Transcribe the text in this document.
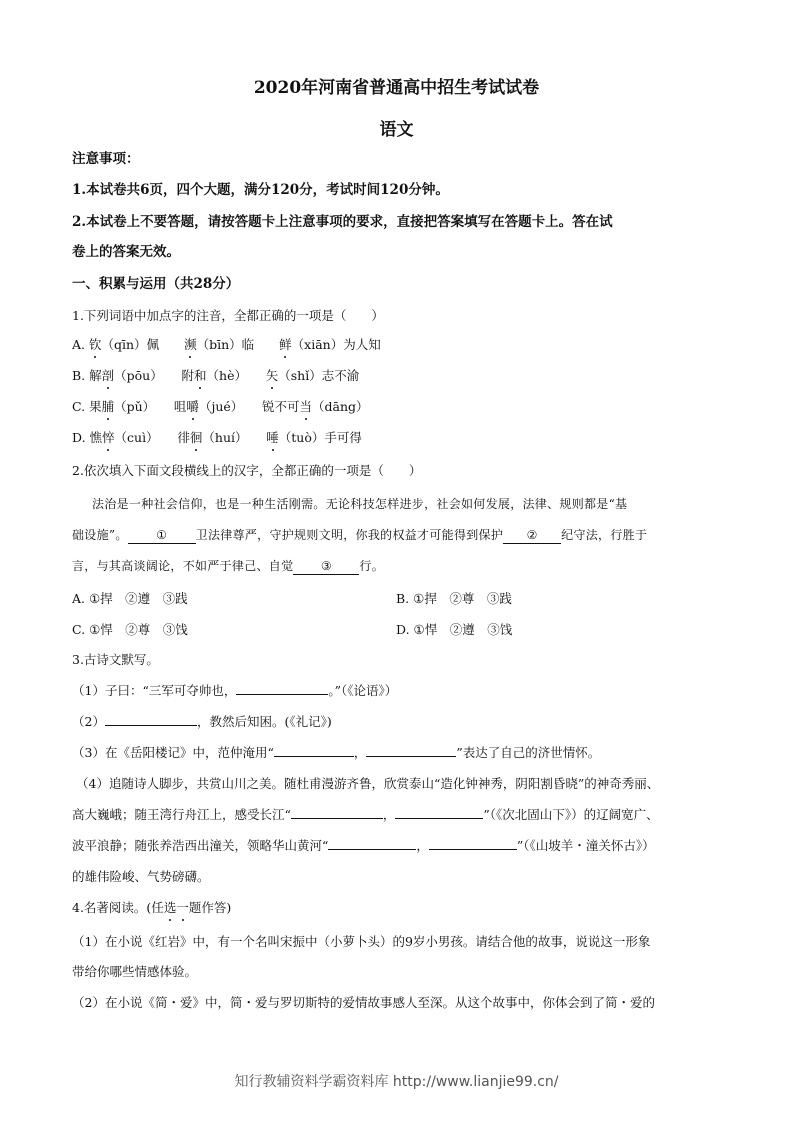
2020年河南省普通高中招生考试试卷
语文
注意事项：
1.本试卷共6页，四个大题，满分120分，考试时间120分钟。
2.本试卷上不要答题，请按答题卡上注意事项的要求，直接把答案填写在答题卡上。答在试
卷上的答案无效。
一、积累与运用（共28分）
1.下列词语中加点字的注音，全都正确的一项是（　　）
A. 钦（qīn）佩　　濒（bīn）临　　鲜（xiān）为人知
B. 解剖（pōu）　　附和（hè）　　矢（shǐ）志不渝
C. 果脯（pǔ）　　咀嚼（jué）　　锐不可当（dāng）
D. 憔悴（cuì）　　徘徊（huí）　　唾（tuò）手可得
2.依次填入下面文段横线上的汉字，全都正确的一项是（　　）
法治是一种社会信仰，也是一种生活刚需。无论科技怎样进步，社会如何发展，法律、规则都是“基
础设施”。 ① 卫法律尊严，守护规则文明，你我的权益才可能得到保护 ② 纪守法，行胜于
言，与其高谈阔论，不如严于律己、自觉 ③ 行。
A. ①捍　②遵　③践	B. ①捍　②尊　③践
C. ①悍　②尊　③饯	D. ①悍　②遵　③饯
3.古诗文默写。
（1）子曰：“三军可夺帅也，	。”（《论语》）
（2）	，教然后知困。(《礼记》)
（3）在《岳阳楼记》中，范仲淹用“	，	”表达了自己的济世情怀。
（4）追随诗人脚步，共赏山川之美。随杜甫漫游齐鲁，欣赏泰山“造化钟神秀，阴阳割昏晓”的神奇秀丽、
高大巍峨；随王湾行舟江上，感受长江“	，	”（《次北固山下》）的辽阔宽广、
波平浪静；随张养浩西出潼关，领略华山黄河“	，	”（《山坡羊・潼关怀古》）
的雄伟险峻、气势磅礴。
4.名著阅读。(任选一题作答)
（1）在小说《红岩》中，有一个名叫宋振中（小萝卜头）的9岁小男孩。请结合他的故事，说说这一形象
带给你哪些情感体验。
（2）在小说《简・爱》中，简・爱与罗切斯特的爱情故事感人至深。从这个故事中，你体会到了简・爱的
知行教辅资料学霸资料库 http://www.lianjie99.cn/
